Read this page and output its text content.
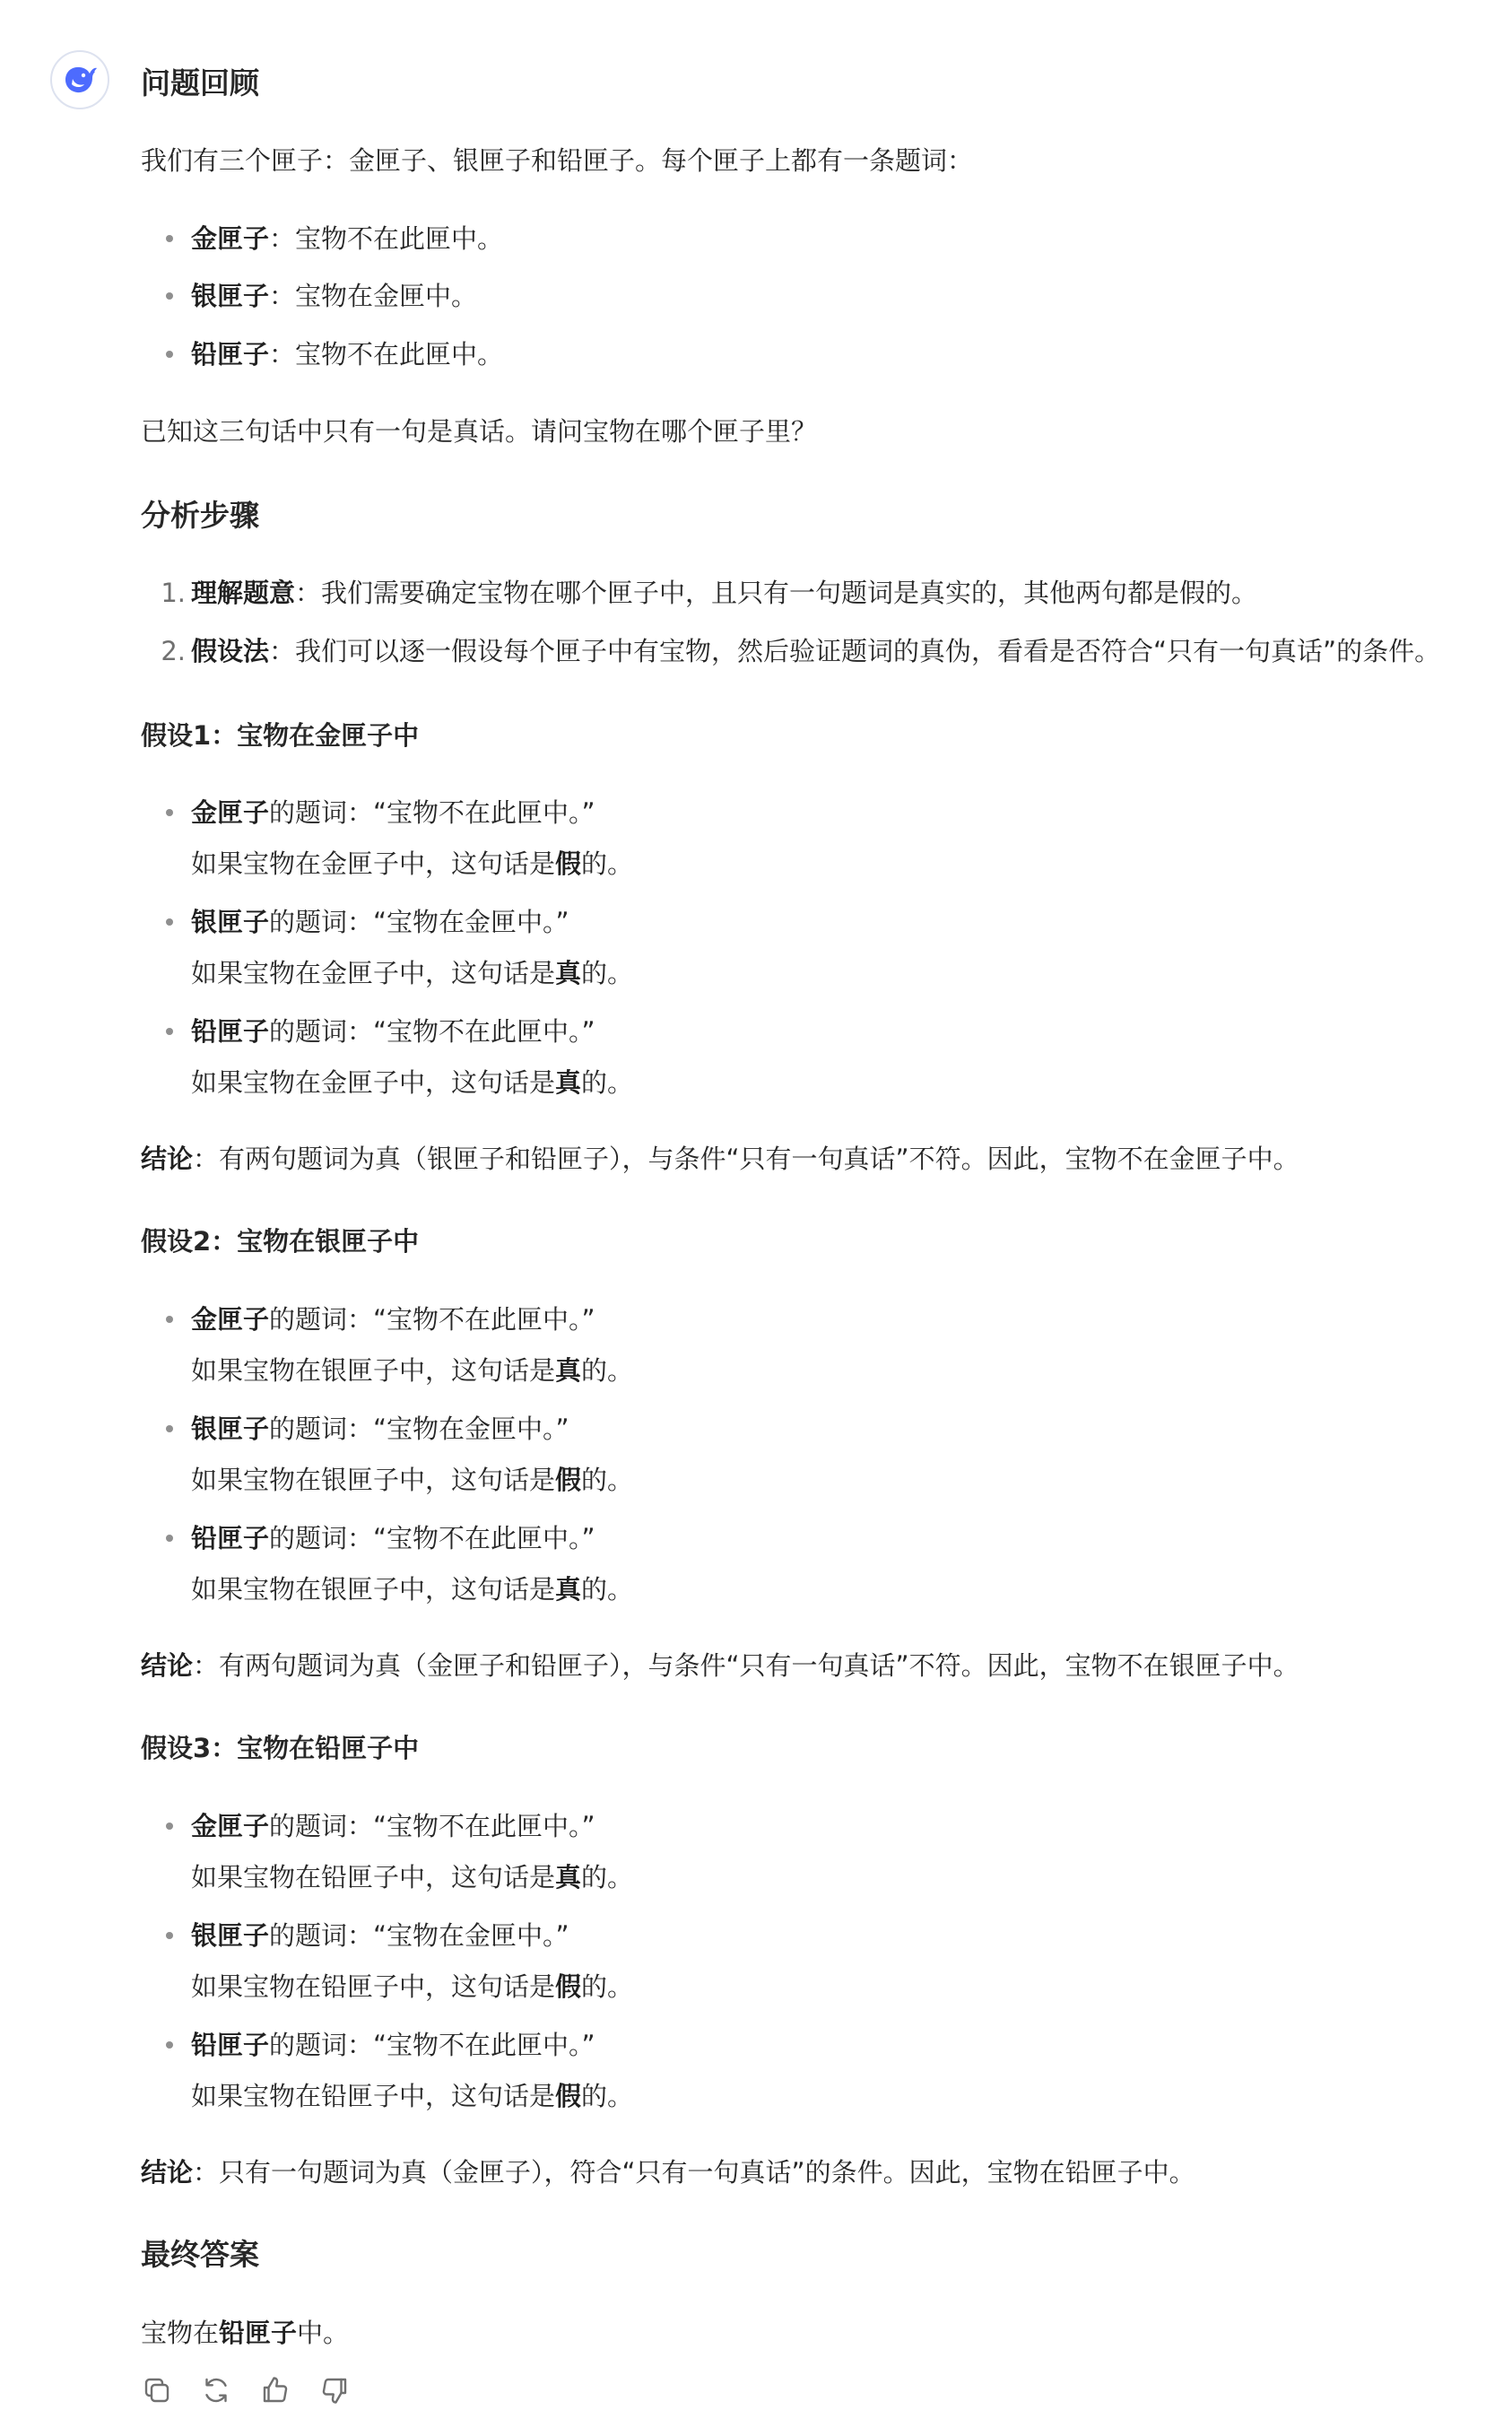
问题回顾
我们有三个匣子：金匣子、银匣子和铅匣子。每个匣子上都有一条题词：
金匣子：宝物不在此匣中。
银匣子：宝物在金匣中。
铅匣子：宝物不在此匣中。
已知这三句话中只有一句是真话。请问宝物在哪个匣子里？
分析步骤
1. 理解题意：我们需要确定宝物在哪个匣子中，且只有一句题词是真实的，其他两句都是假的。
2. 假设法：我们可以逐一假设每个匣子中有宝物，然后验证题词的真伪，看看是否符合“只有一句真话”的条件。
假设1：宝物在金匣子中
金匣子的题词：“宝物不在此匣中。”
如果宝物在金匣子中，这句话是假的。
银匣子的题词：“宝物在金匣中。”
如果宝物在金匣子中，这句话是真的。
铅匣子的题词：“宝物不在此匣中。”
如果宝物在金匣子中，这句话是真的。
结论：有两句题词为真（银匣子和铅匣子），与条件“只有一句真话”不符。因此，宝物不在金匣子中。
假设2：宝物在银匣子中
金匣子的题词：“宝物不在此匣中。”
如果宝物在银匣子中，这句话是真的。
银匣子的题词：“宝物在金匣中。”
如果宝物在银匣子中，这句话是假的。
铅匣子的题词：“宝物不在此匣中。”
如果宝物在银匣子中，这句话是真的。
结论：有两句题词为真（金匣子和铅匣子），与条件“只有一句真话”不符。因此，宝物不在银匣子中。
假设3：宝物在铅匣子中
金匣子的题词：“宝物不在此匣中。”
如果宝物在铅匣子中，这句话是真的。
银匣子的题词：“宝物在金匣中。”
如果宝物在铅匣子中，这句话是假的。
铅匣子的题词：“宝物不在此匣中。”
如果宝物在铅匣子中，这句话是假的。
结论：只有一句题词为真（金匣子），符合“只有一句真话”的条件。因此，宝物在铅匣子中。
最终答案
宝物在铅匣子中。
